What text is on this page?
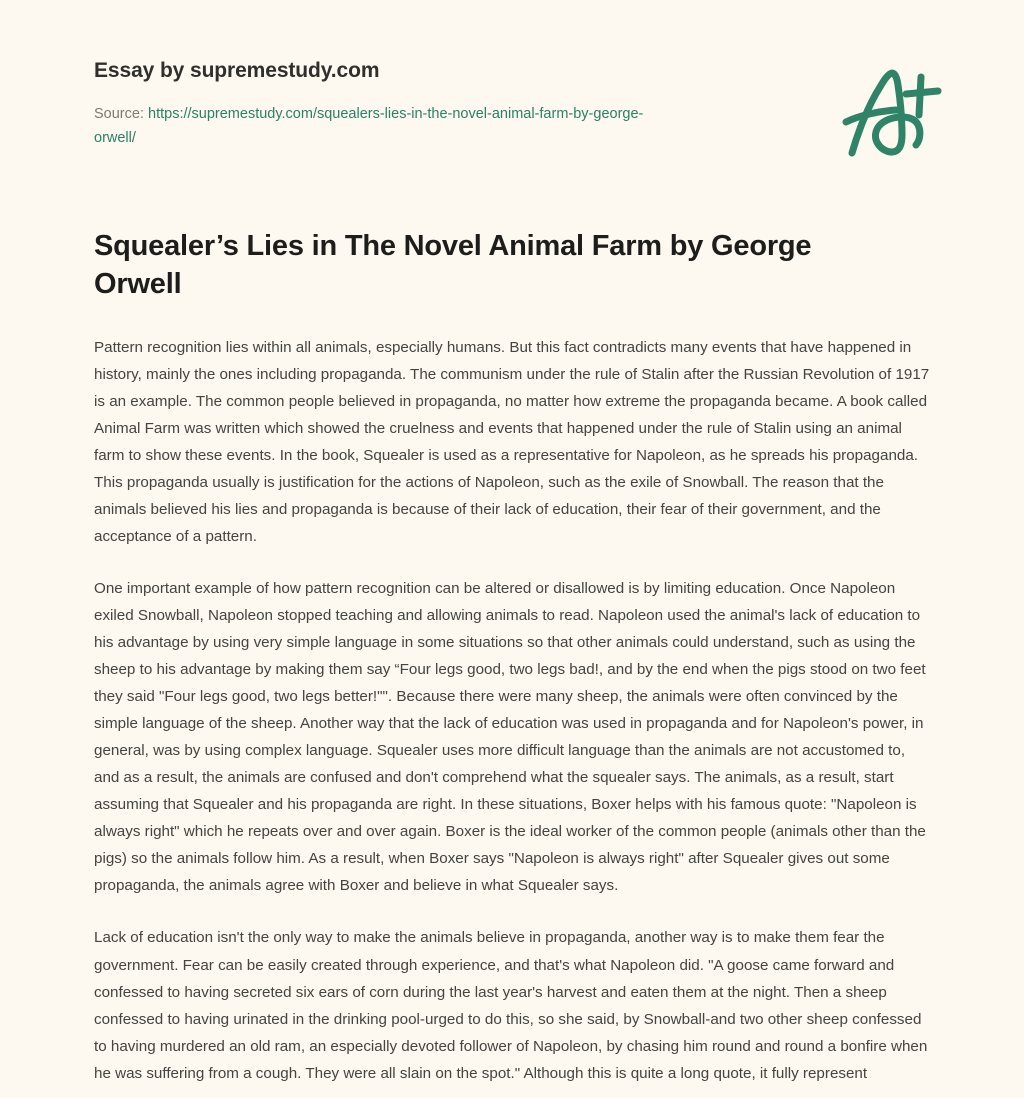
Essay by supremestudy.com

Source: https://supremestudy.com/squealers-lies-in-the-novel-animal-farm-by-george-orwell/

Squealer’s Lies in The Novel Animal Farm by George Orwell

Pattern recognition lies within all animals, especially humans. But this fact contradicts many events that have happened in history, mainly the ones including propaganda. The communism under the rule of Stalin after the Russian Revolution of 1917 is an example. The common people believed in propaganda, no matter how extreme the propaganda became. A book called Animal Farm was written which showed the cruelness and events that happened under the rule of Stalin using an animal farm to show these events. In the book, Squealer is used as a representative for Napoleon, as he spreads his propaganda. This propaganda usually is justification for the actions of Napoleon, such as the exile of Snowball. The reason that the animals believed his lies and propaganda is because of their lack of education, their fear of their government, and the acceptance of a pattern.

One important example of how pattern recognition can be altered or disallowed is by limiting education. Once Napoleon exiled Snowball, Napoleon stopped teaching and allowing animals to read. Napoleon used the animal's lack of education to his advantage by using very simple language in some situations so that other animals could understand, such as using the sheep to his advantage by making them say “Four legs good, two legs bad!, and by the end when the pigs stood on two feet they said "Four legs good, two legs better!"". Because there were many sheep, the animals were often convinced by the simple language of the sheep. Another way that the lack of education was used in propaganda and for Napoleon's power, in general, was by using complex language. Squealer uses more difficult language than the animals are not accustomed to, and as a result, the animals are confused and don't comprehend what the squealer says. The animals, as a result, start assuming that Squealer and his propaganda are right. In these situations, Boxer helps with his famous quote: "Napoleon is always right" which he repeats over and over again. Boxer is the ideal worker of the common people (animals other than the pigs) so the animals follow him. As a result, when Boxer says "Napoleon is always right" after Squealer gives out some propaganda, the animals agree with Boxer and believe in what Squealer says.

Lack of education isn't the only way to make the animals believe in propaganda, another way is to make them fear the government. Fear can be easily created through experience, and that's what Napoleon did. "A goose came forward and confessed to having secreted six ears of corn during the last year's harvest and eaten them at the night. Then a sheep confessed to having urinated in the drinking pool-urged to do this, so she said, by Snowball-and two other sheep confessed to having murdered an old ram, an especially devoted follower of Napoleon, by chasing him round and round a bonfire when he was suffering from a cough. They were all slain on the spot." Although this is quite a long quote, it fully represent
